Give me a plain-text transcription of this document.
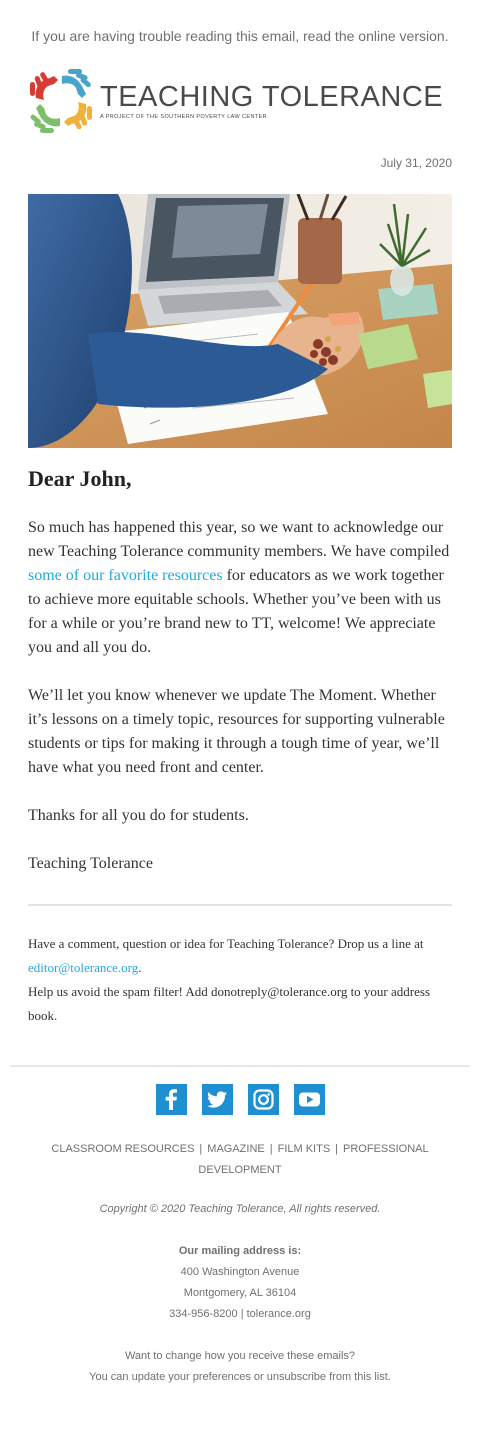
If you are having trouble reading this email, read the online version.
TEACHING TOLERANCE
A PROJECT OF THE SOUTHERN POVERTY LAW CENTER
July 31, 2020
Dear John,

So much has happened this year, so we want to acknowledge our new Teaching Tolerance community members. We have compiled some of our favorite resources for educators as we work together to achieve more equitable schools. Whether you’ve been with us for a while or you’re brand new to TT, welcome! We appreciate you and all you do.

We’ll let you know whenever we update The Moment. Whether it’s lessons on a timely topic, resources for supporting vulnerable students or tips for making it through a tough time of year, we’ll have what you need front and center.

Thanks for all you do for students.

Teaching Tolerance

Have a comment, question or idea for Teaching Tolerance? Drop us a line at editor@tolerance.org.

Help us avoid the spam filter! Add donotreply@tolerance.org to your address book.

CLASSROOM RESOURCES | MAGAZINE | FILM KITS | PROFESSIONAL DEVELOPMENT
Copyright © 2020 Teaching Tolerance, All rights reserved.
Our mailing address is:
400 Washington Avenue
Montgomery, AL 36104
334-956-8200 | tolerance.org
Want to change how you receive these emails?
You can update your preferences or unsubscribe from this list.
